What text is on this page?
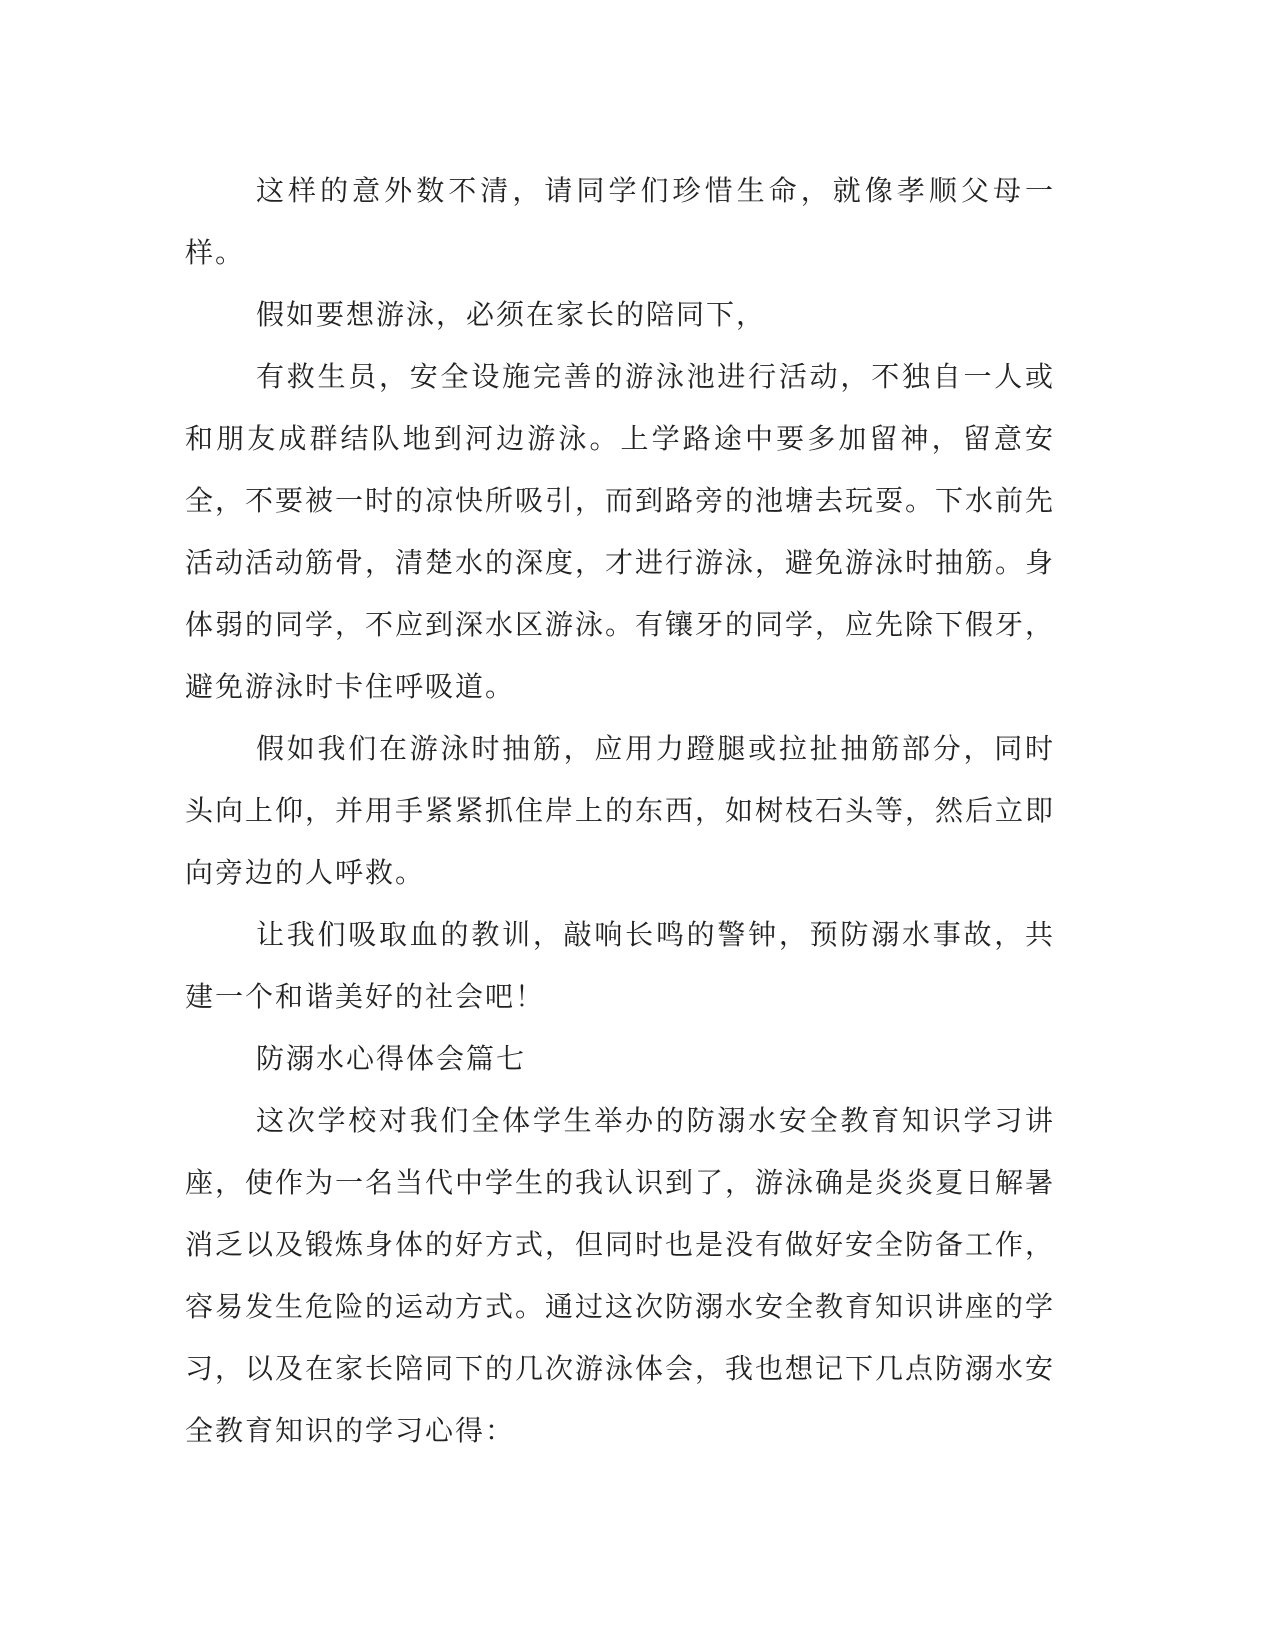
这样的意外数不清，请同学们珍惜生命，就像孝顺父母一样。

假如要想游泳，必须在家长的陪同下，

有救生员，安全设施完善的游泳池进行活动，不独自一人或和朋友成群结队地到河边游泳。上学路途中要多加留神，留意安全，不要被一时的凉快所吸引，而到路旁的池塘去玩耍。下水前先活动活动筋骨，清楚水的深度，才进行游泳，避免游泳时抽筋。身体弱的同学，不应到深水区游泳。有镶牙的同学，应先除下假牙，避免游泳时卡住呼吸道。

假如我们在游泳时抽筋，应用力蹬腿或拉扯抽筋部分，同时头向上仰，并用手紧紧抓住岸上的东西，如树枝石头等，然后立即向旁边的人呼救。

让我们吸取血的教训，敲响长鸣的警钟，预防溺水事故，共建一个和谐美好的社会吧！

防溺水心得体会篇七

这次学校对我们全体学生举办的防溺水安全教育知识学习讲座，使作为一名当代中学生的我认识到了，游泳确是炎炎夏日解暑消乏以及锻炼身体的好方式，但同时也是没有做好安全防备工作，容易发生危险的运动方式。通过这次防溺水安全教育知识讲座的学习，以及在家长陪同下的几次游泳体会，我也想记下几点防溺水安全教育知识的学习心得：
